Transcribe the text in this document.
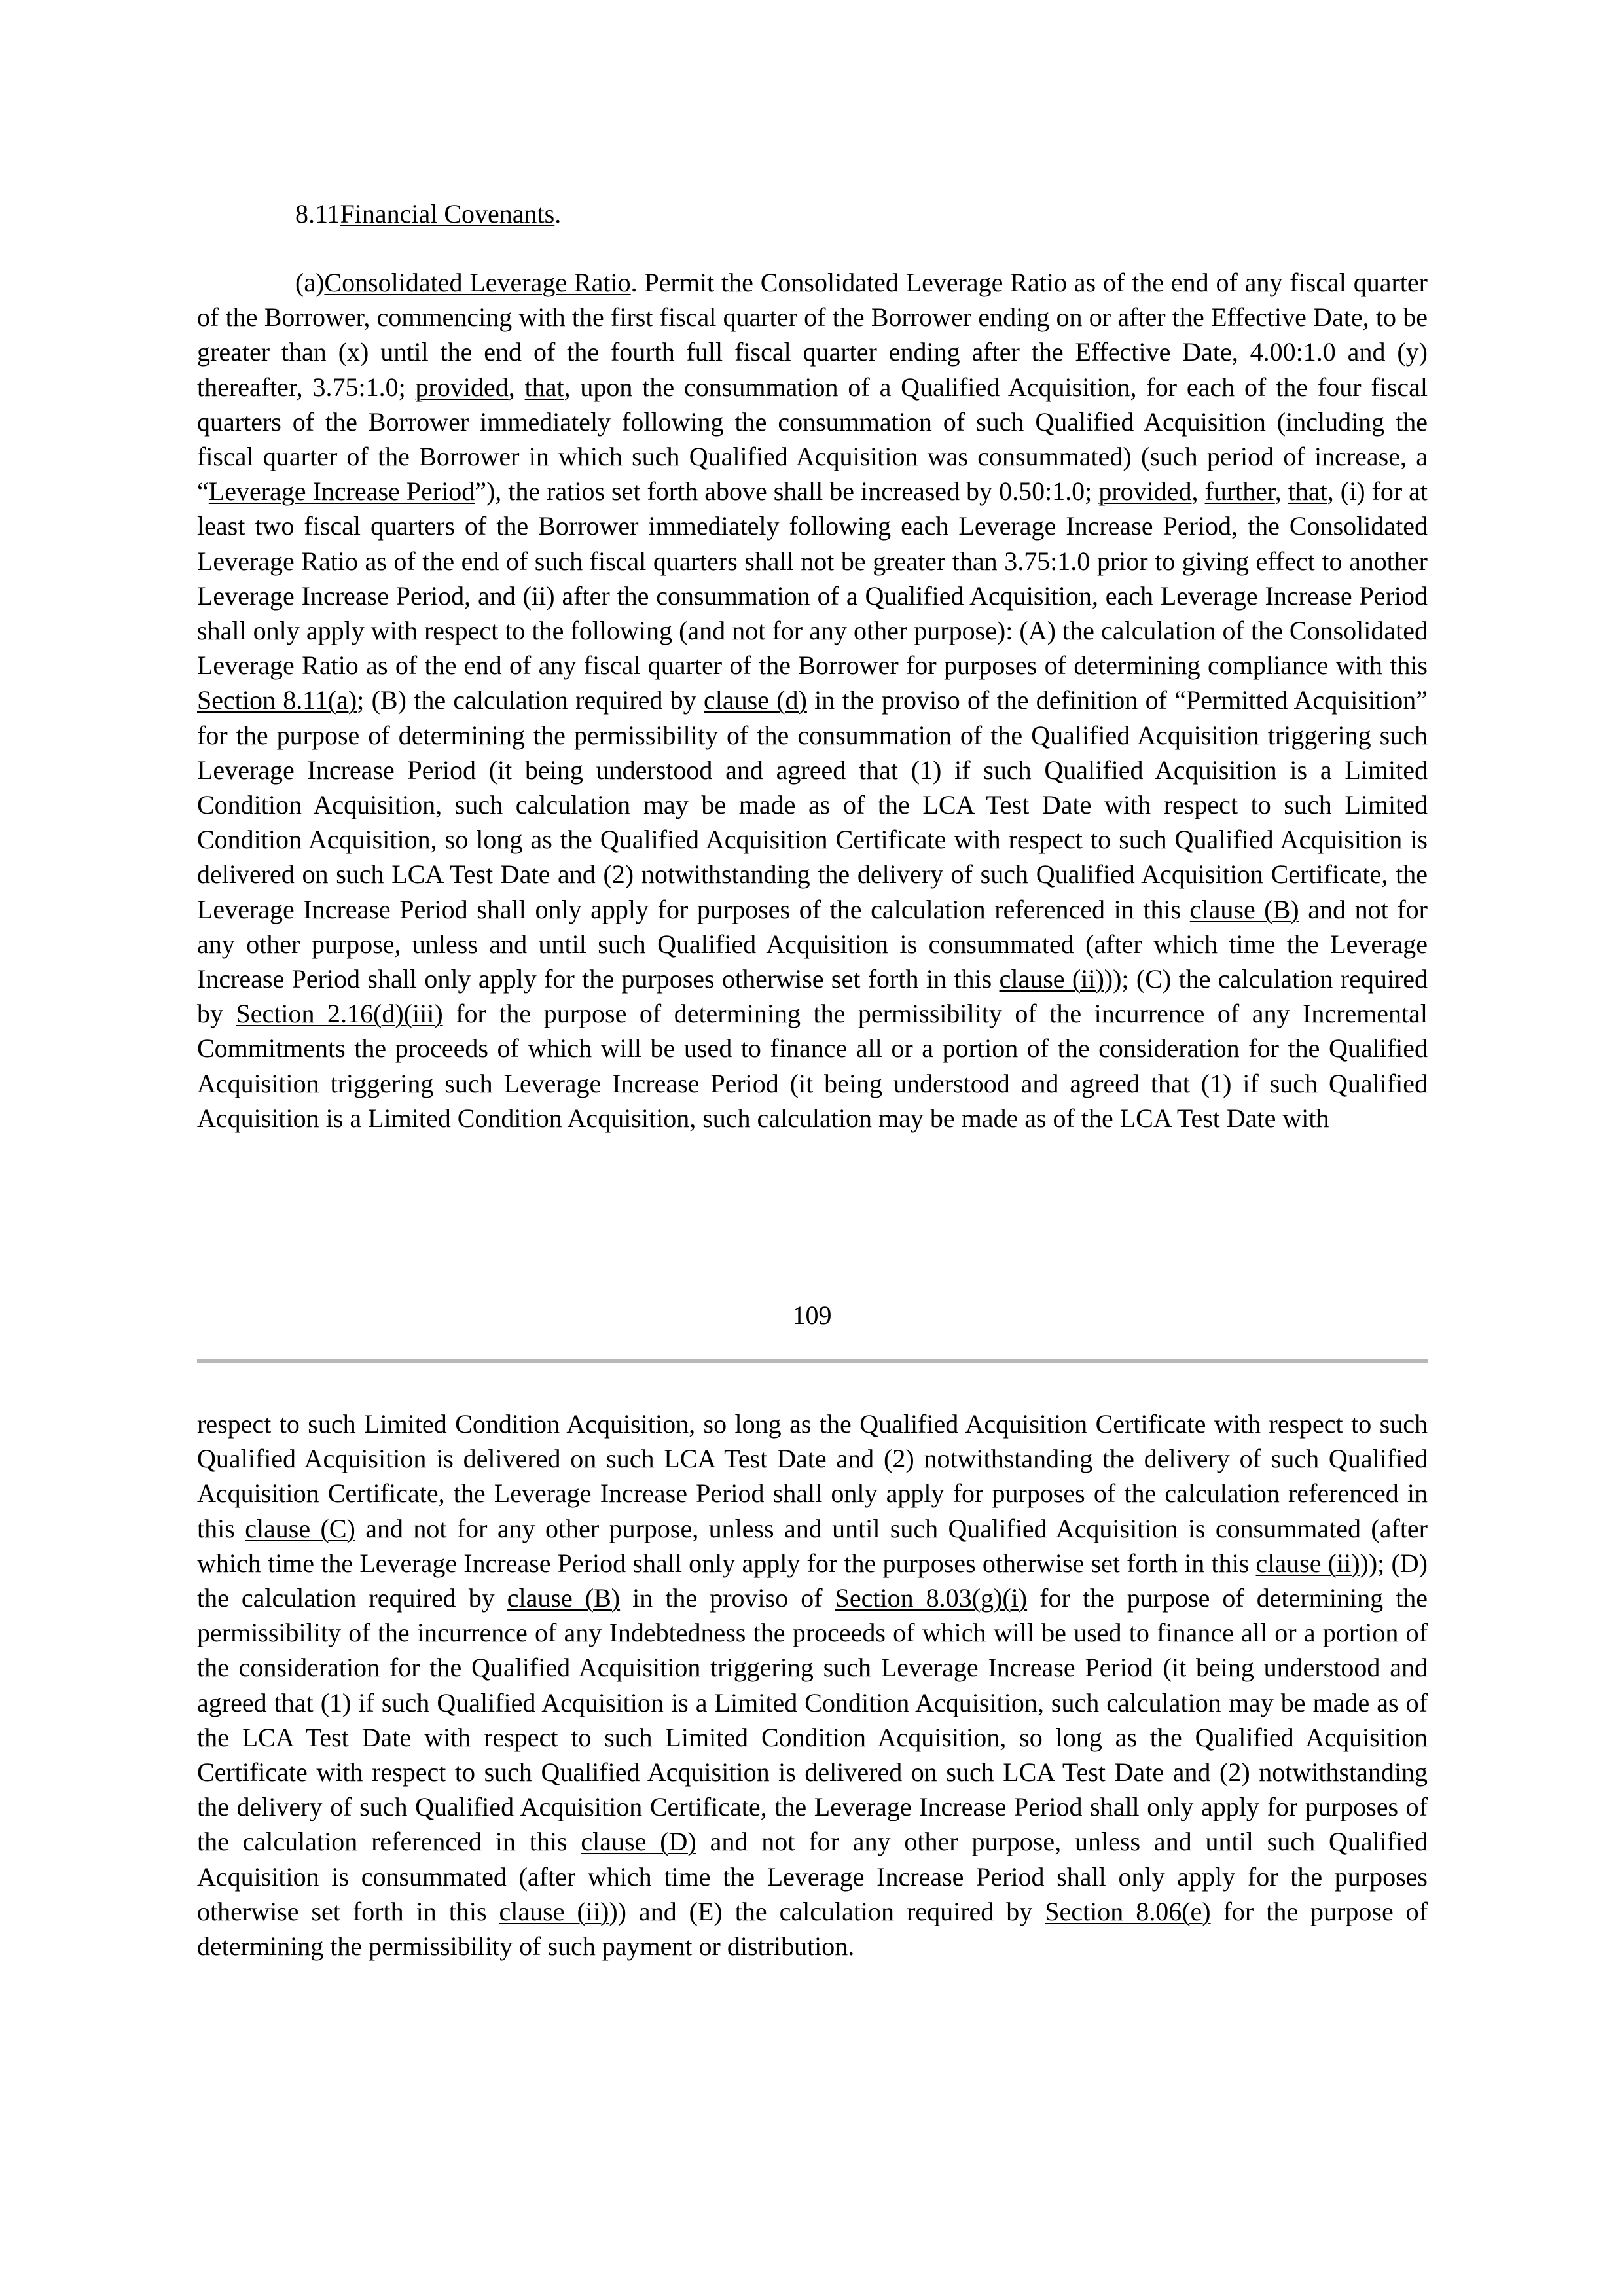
8.11Financial Covenants.
(a)Consolidated Leverage Ratio. Permit the Consolidated Leverage Ratio as of the end of any fiscal quarter of the Borrower, commencing with the first fiscal quarter of the Borrower ending on or after the Effective Date, to be greater than (x) until the end of the fourth full fiscal quarter ending after the Effective Date, 4.00:1.0 and (y) thereafter, 3.75:1.0; provided, that, upon the consummation of a Qualified Acquisition, for each of the four fiscal quarters of the Borrower immediately following the consummation of such Qualified Acquisition (including the fiscal quarter of the Borrower in which such Qualified Acquisition was consummated) (such period of increase, a “Leverage Increase Period”), the ratios set forth above shall be increased by 0.50:1.0; provided, further, that, (i) for at least two fiscal quarters of the Borrower immediately following each Leverage Increase Period, the Consolidated Leverage Ratio as of the end of such fiscal quarters shall not be greater than 3.75:1.0 prior to giving effect to another Leverage Increase Period, and (ii) after the consummation of a Qualified Acquisition, each Leverage Increase Period shall only apply with respect to the following (and not for any other purpose): (A) the calculation of the Consolidated Leverage Ratio as of the end of any fiscal quarter of the Borrower for purposes of determining compliance with this Section 8.11(a); (B) the calculation required by clause (d) in the proviso of the definition of “Permitted Acquisition” for the purpose of determining the permissibility of the consummation of the Qualified Acquisition triggering such Leverage Increase Period (it being understood and agreed that (1) if such Qualified Acquisition is a Limited Condition Acquisition, such calculation may be made as of the LCA Test Date with respect to such Limited Condition Acquisition, so long as the Qualified Acquisition Certificate with respect to such Qualified Acquisition is delivered on such LCA Test Date and (2) notwithstanding the delivery of such Qualified Acquisition Certificate, the Leverage Increase Period shall only apply for purposes of the calculation referenced in this clause (B) and not for any other purpose, unless and until such Qualified Acquisition is consummated (after which time the Leverage Increase Period shall only apply for the purposes otherwise set forth in this clause (ii))); (C) the calculation required by Section 2.16(d)(iii) for the purpose of determining the permissibility of the incurrence of any Incremental Commitments the proceeds of which will be used to finance all or a portion of the consideration for the Qualified Acquisition triggering such Leverage Increase Period (it being understood and agreed that (1) if such Qualified Acquisition is a Limited Condition Acquisition, such calculation may be made as of the LCA Test Date with
109
respect to such Limited Condition Acquisition, so long as the Qualified Acquisition Certificate with respect to such Qualified Acquisition is delivered on such LCA Test Date and (2) notwithstanding the delivery of such Qualified Acquisition Certificate, the Leverage Increase Period shall only apply for purposes of the calculation referenced in this clause (C) and not for any other purpose, unless and until such Qualified Acquisition is consummated (after which time the Leverage Increase Period shall only apply for the purposes otherwise set forth in this clause (ii))); (D) the calculation required by clause (B) in the proviso of Section 8.03(g)(i) for the purpose of determining the permissibility of the incurrence of any Indebtedness the proceeds of which will be used to finance all or a portion of the consideration for the Qualified Acquisition triggering such Leverage Increase Period (it being understood and agreed that (1) if such Qualified Acquisition is a Limited Condition Acquisition, such calculation may be made as of the LCA Test Date with respect to such Limited Condition Acquisition, so long as the Qualified Acquisition Certificate with respect to such Qualified Acquisition is delivered on such LCA Test Date and (2) notwithstanding the delivery of such Qualified Acquisition Certificate, the Leverage Increase Period shall only apply for purposes of the calculation referenced in this clause (D) and not for any other purpose, unless and until such Qualified Acquisition is consummated (after which time the Leverage Increase Period shall only apply for the purposes otherwise set forth in this clause (ii))) and (E) the calculation required by Section 8.06(e) for the purpose of determining the permissibility of such payment or distribution.
